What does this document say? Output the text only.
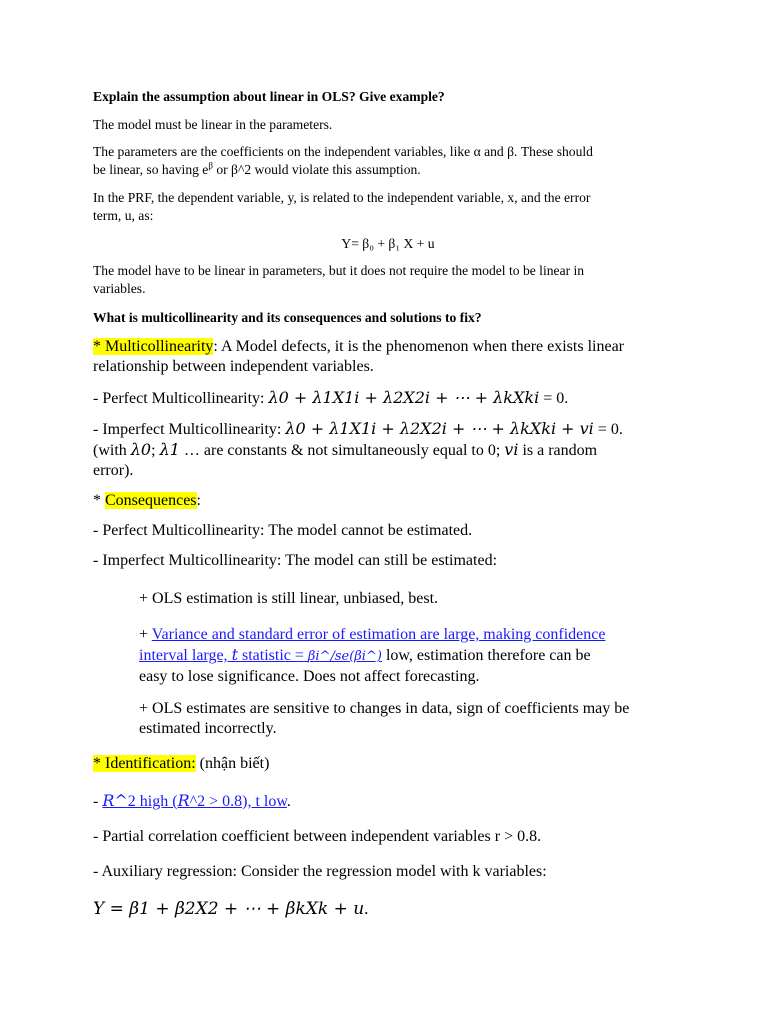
Explain the assumption about linear in OLS? Give example?

The model must be linear in the parameters.

The parameters are the coefficients on the independent variables, like α and β. These should
be linear, so having $e^\beta$ or β^2 would violate this assumption.

In the PRF, the dependent variable, y, is related to the independent variable, x, and the error
term, u, as:

Y= β₀ + β₁ X + u

The model have to be linear in parameters, but it does not require the model to be linear in
variables.

What is multicollinearity and its consequences and solutions to fix?

* Multicollinearity: A Model defects, it is the phenomenon when there exists linear
relationship between independent variables.

- Perfect Multicollinearity: 𝜆0 + 𝜆1𝑋1𝑖 + 𝜆2𝑋2𝑖 + ⋯ + 𝜆𝑘𝑋𝑘𝑖 = 0.

- Imperfect Multicollinearity: 𝜆0 + 𝜆1𝑋1𝑖 + 𝜆2𝑋2𝑖 + ⋯ + 𝜆𝑘𝑋𝑘𝑖 + 𝑣𝑖 = 0.
(with 𝜆0; 𝜆1 … are constants & not simultaneously equal to 0; 𝑣𝑖 is a random
error).

* Consequences:

- Perfect Multicollinearity: The model cannot be estimated.

- Imperfect Multicollinearity: The model can still be estimated:

+ OLS estimation is still linear, unbiased, best.

+ Variance and standard error of estimation are large, making confidence
interval large, 𝑡 statistic = 𝛽𝑖^/𝑠𝑒(𝛽𝑖^) low, estimation therefore can be
easy to lose significance. Does not affect forecasting.

+ OLS estimates are sensitive to changes in data, sign of coefficients may be
estimated incorrectly.

* Identification: (nhận biết)

- 𝑅^2 high (𝑅^2 > 0.8), t low.

- Partial correlation coefficient between independent variables r > 0.8.

- Auxiliary regression: Consider the regression model with k variables:

𝑌 = 𝛽1 + 𝛽2𝑋2 + ⋯ + 𝛽𝑘𝑋𝑘 + 𝑢.
